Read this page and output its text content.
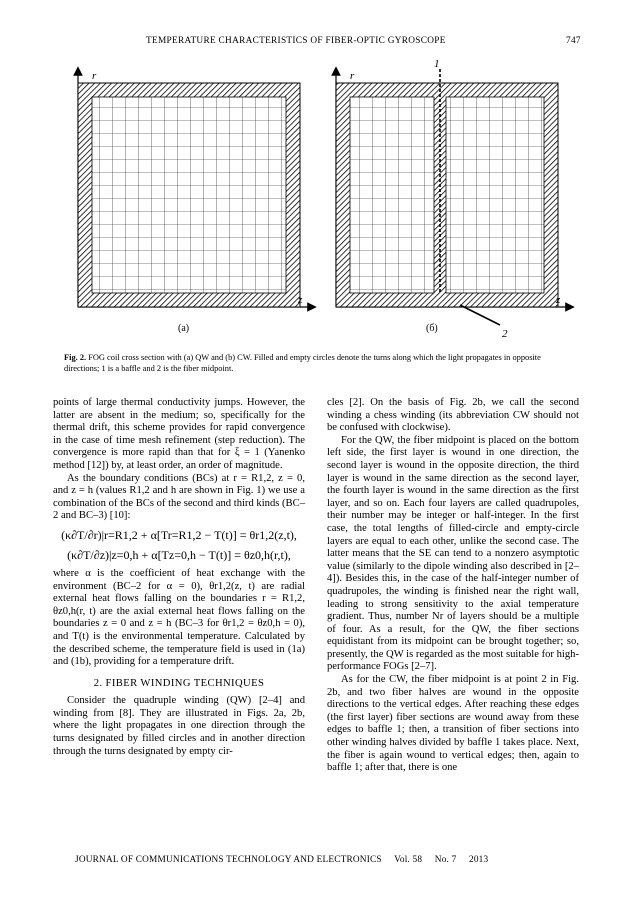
TEMPERATURE CHARACTERISTICS OF FIBER-OPTIC GYROSCOPE	747
r
z
(a)
r
1
z
(б)	2
Fig. 2. FOG coil cross section with (a) QW and (b) CW. Filled and empty circles denote the turns along which the light propagates in opposite directions; 1 is a baffle and 2 is the fiber midpoint.

points of large thermal conductivity jumps. However, the latter are absent in the medium; so, specifically for the thermal drift, this scheme provides for rapid convergence in the case of time mesh refinement (step reduction). The convergence is more rapid than that for ξ = 1 (Yanenko method [12]) by, at least order, an order of magnitude.

As the boundary conditions (BCs) at r = R1,2, z = 0, and z = h (values R1,2 and h are shown in Fig. 1) we use a combination of the BCs of the second and third kinds (BC–2 and BC–3) [10]:

(κ∂T/∂r)|r=R1,2 + α[Tr=R1,2 − T(t)] = θr1,2(z,t),
(κ∂T/∂z)|z=0,h + α[Tz=0,h − T(t)] = θz0,h(r,t),

where α is the coefficient of heat exchange with the environment (BC–2 for α = 0), θr1,2(z, t) are radial external heat flows falling on the boundaries r = R1,2, θz0,h(r, t) are the axial external heat flows falling on the boundaries z = 0 and z = h (BC–3 for θr1,2 = θz0,h = 0), and T(t) is the environmental temperature. Calculated by the described scheme, the temperature field is used in (1a) and (1b), providing for a temperature drift.

2. FIBER WINDING TECHNIQUES

Consider the quadruple winding (QW) [2–4] and winding from [8]. They are illustrated in Figs. 2a, 2b, where the light propagates in one direction through the turns designated by filled circles and in another direction through the turns designated by empty cir-

cles [2]. On the basis of Fig. 2b, we call the second winding a chess winding (its abbreviation CW should not be confused with clockwise).

For the QW, the fiber midpoint is placed on the bottom left side, the first layer is wound in one direction, the second layer is wound in the opposite direction, the third layer is wound in the same direction as the second layer, the fourth layer is wound in the same direction as the first layer, and so on. Each four layers are called quadrupoles, their number may be integer or half-integer. In the first case, the total lengths of filled-circle and empty-circle layers are equal to each other, unlike the second case. The latter means that the SE can tend to a nonzero asymptotic value (similarly to the dipole winding also described in [2–4]). Besides this, in the case of the half-integer number of quadrupoles, the winding is finished near the right wall, leading to strong sensitivity to the axial temperature gradient. Thus, number Nr of layers should be a multiple of four. As a result, for the QW, the fiber sections equidistant from its midpoint can be brought together; so, presently, the QW is regarded as the most suitable for high-performance FOGs [2–7].

As for the CW, the fiber midpoint is at point 2 in Fig. 2b, and two fiber halves are wound in the opposite directions to the vertical edges. After reaching these edges (the first layer) fiber sections are wound away from these edges to baffle 1; then, a transition of fiber sections into other winding halves divided by baffle 1 takes place. Next, the fiber is again wound to vertical edges; then, again to baffle 1; after that, there is one

JOURNAL OF COMMUNICATIONS TECHNOLOGY AND ELECTRONICS Vol. 58 No. 7 2013
